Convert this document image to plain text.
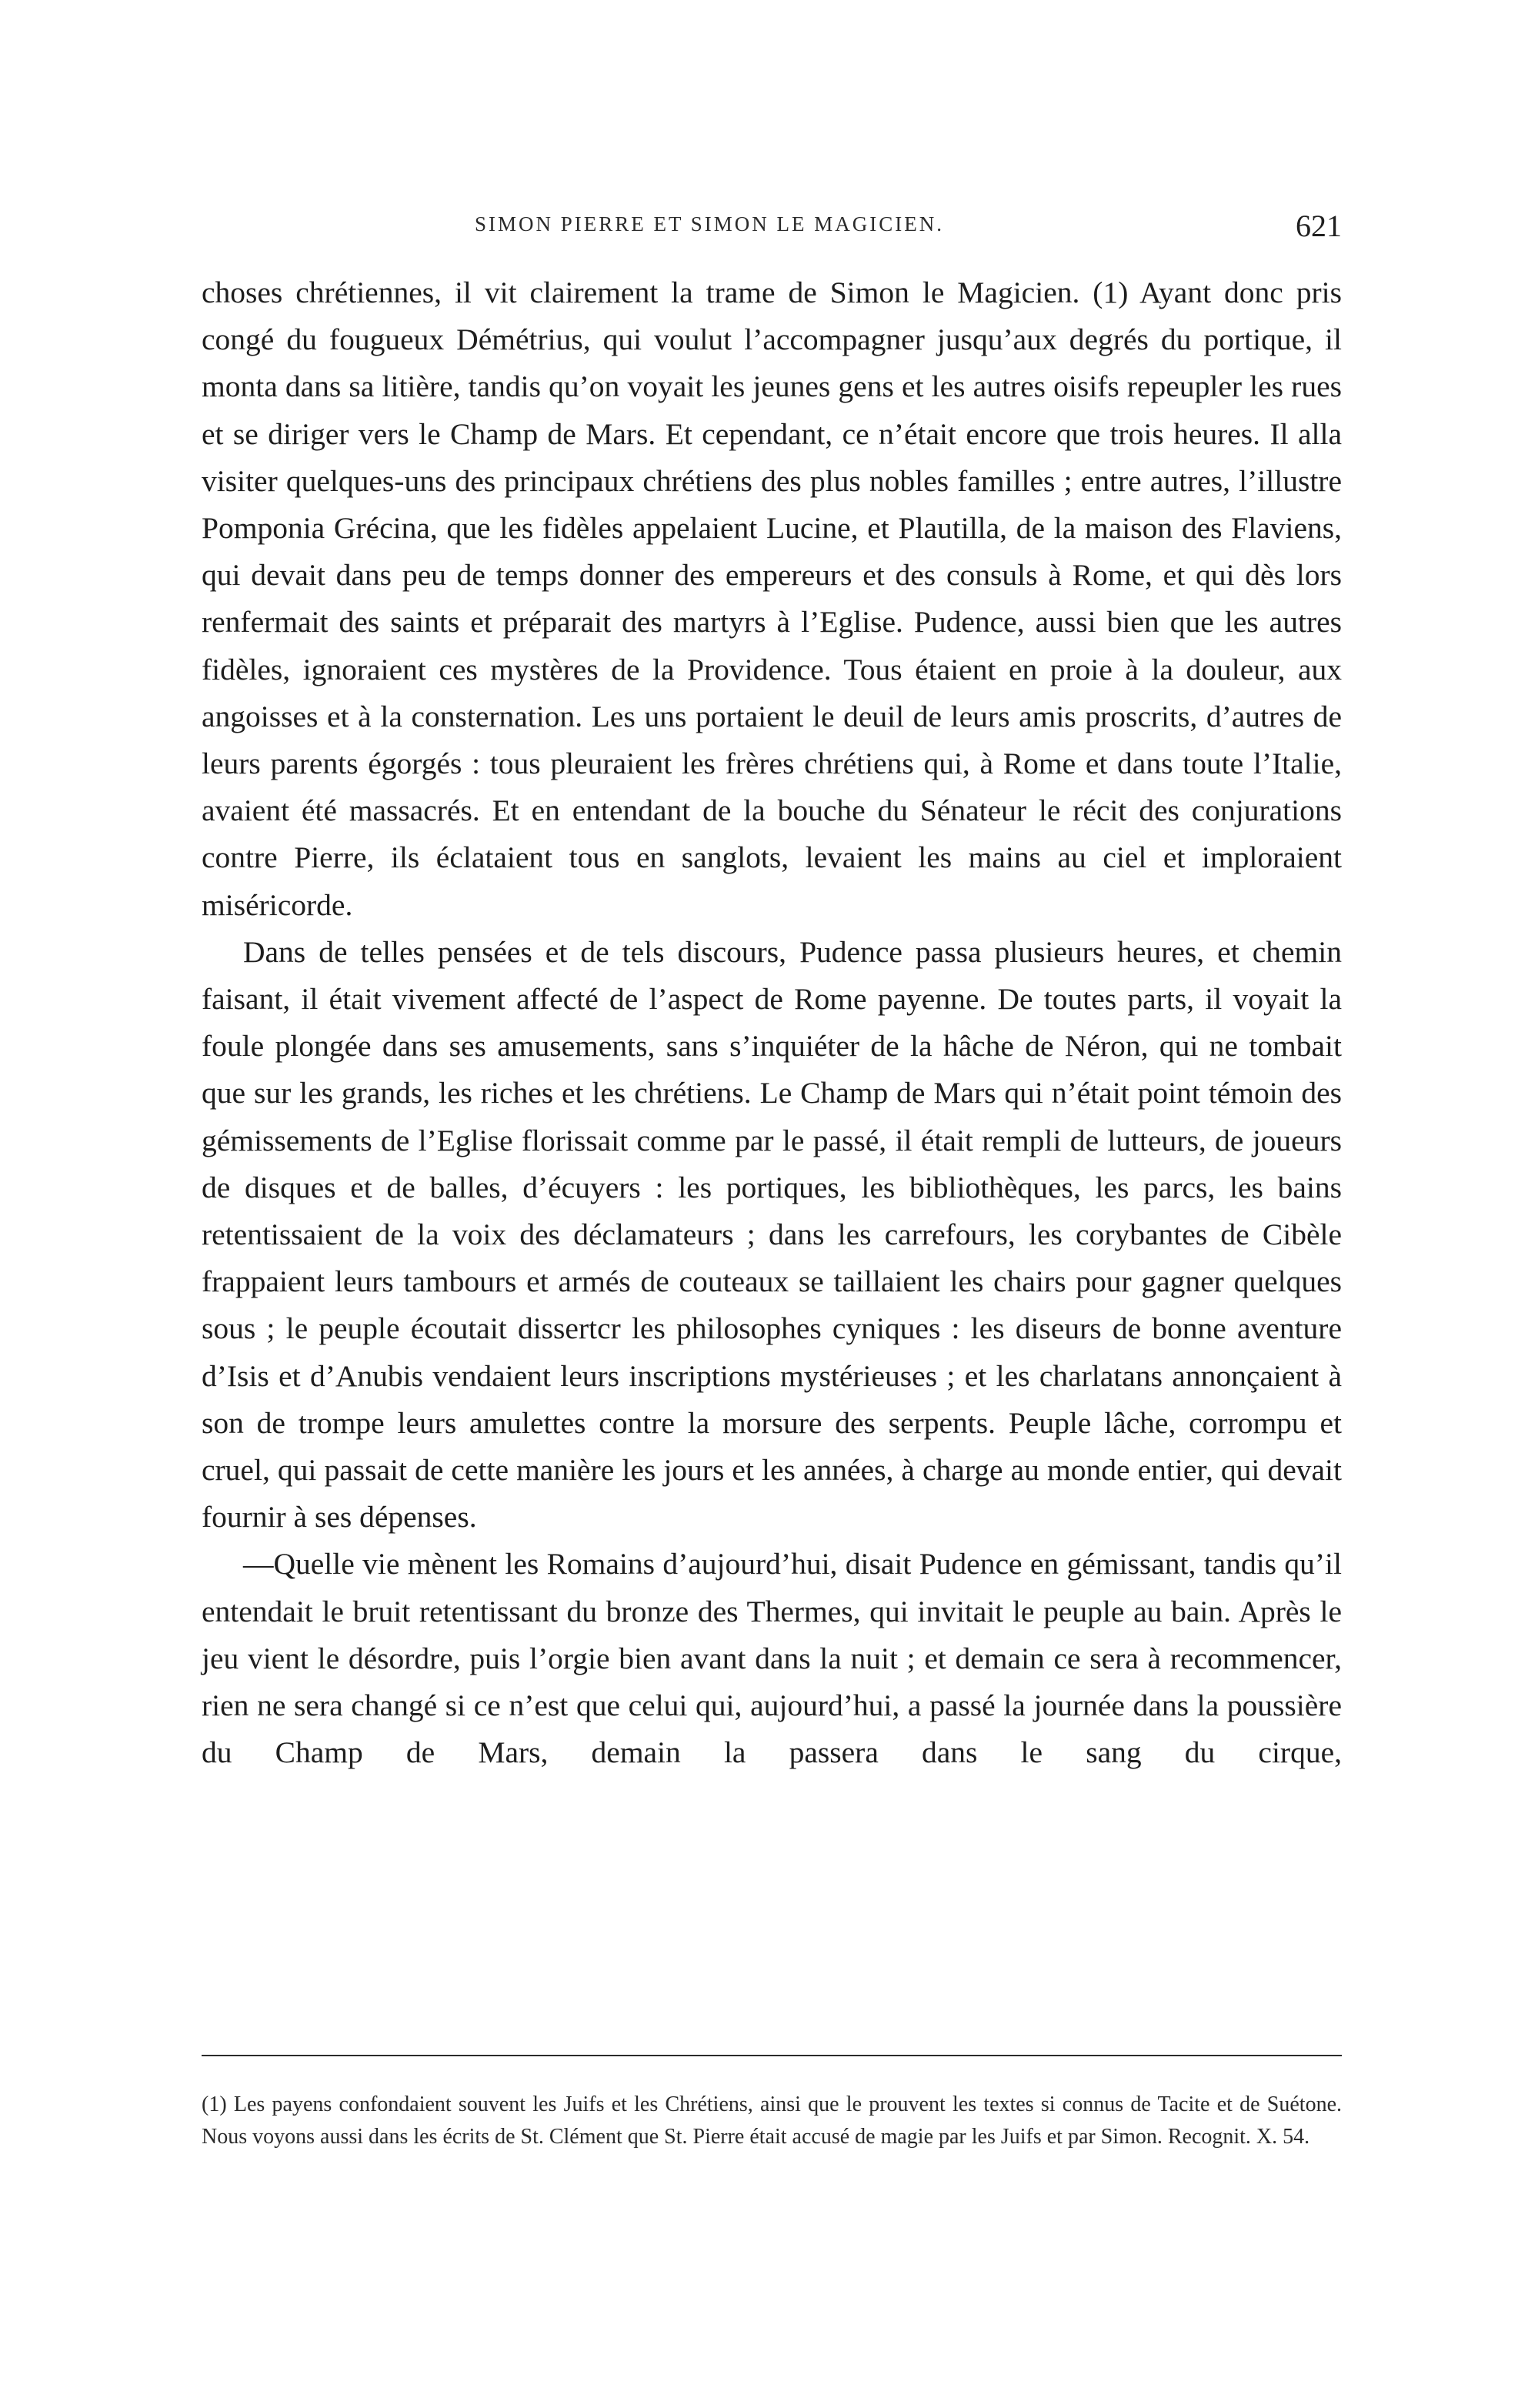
SIMON PIERRE ET SIMON LE MAGICIEN.	621

choses chrétiennes, il vit clairement la trame de Simon le Magicien. (1) Ayant donc pris congé du fougueux Démétrius, qui voulut l’accompagner jusqu’aux degrés du portique, il monta dans sa litière, tandis qu’on voyait les jeunes gens et les autres oisifs repeupler les rues et se diriger vers le Champ de Mars. Et cependant, ce n’était encore que trois heures. Il alla visiter quelques-uns des principaux chrétiens des plus nobles familles ; entre autres, l’illustre Pomponia Grécina, que les fidèles appelaient Lucine, et Plautilla, de la maison des Flaviens, qui devait dans peu de temps donner des empereurs et des consuls à Rome, et qui dès lors renfermait des saints et préparait des martyrs à l’Eglise. Pudence, aussi bien que les autres fidèles, ignoraient ces mystères de la Providence. Tous étaient en proie à la douleur, aux angoisses et à la consternation. Les uns portaient le deuil de leurs amis proscrits, d’autres de leurs parents égorgés : tous pleuraient les frères chrétiens qui, à Rome et dans toute l’Italie, avaient été massacrés. Et en entendant de la bouche du Sénateur le récit des conjurations contre Pierre, ils éclataient tous en sanglots, levaient les mains au ciel et imploraient miséricorde.

Dans de telles pensées et de tels discours, Pudence passa plusieurs heures, et chemin faisant, il était vivement affecté de l’aspect de Rome payenne. De toutes parts, il voyait la foule plongée dans ses amusements, sans s’inquiéter de la hâche de Néron, qui ne tombait que sur les grands, les riches et les chrétiens. Le Champ de Mars qui n’était point témoin des gémissements de l’Eglise florissait comme par le passé, il était rempli de lutteurs, de joueurs de disques et de balles, d’écuyers : les portiques, les bibliothèques, les parcs, les bains retentissaient de la voix des déclamateurs ; dans les carrefours, les corybantes de Cibèle frappaient leurs tambours et armés de couteaux se taillaient les chairs pour gagner quelques sous ; le peuple écoutait dissertcr les philosophes cyniques : les diseurs de bonne aventure d’Isis et d’Anubis vendaient leurs inscriptions mystérieuses ; et les charlatans annonçaient à son de trompe leurs amulettes contre la morsure des serpents. Peuple lâche, corrompu et cruel, qui passait de cette manière les jours et les années, à charge au monde entier, qui devait fournir à ses dépenses.

—Quelle vie mènent les Romains d’aujourd’hui, disait Pudence en gémissant, tandis qu’il entendait le bruit retentissant du bronze des Thermes, qui invitait le peuple au bain. Après le jeu vient le désordre, puis l’orgie bien avant dans la nuit ; et demain ce sera à recommencer, rien ne sera changé si ce n’est que celui qui, aujourd’hui, a passé la journée dans la poussière du Champ de Mars, demain la passera dans le sang du cirque,

(1) Les payens confondaient souvent les Juifs et les Chrétiens, ainsi que le prouvent les textes si connus de Tacite et de Suétone. Nous voyons aussi dans les écrits de St. Clément que St. Pierre était accusé de magie par les Juifs et par Simon. Recognit. X. 54.
